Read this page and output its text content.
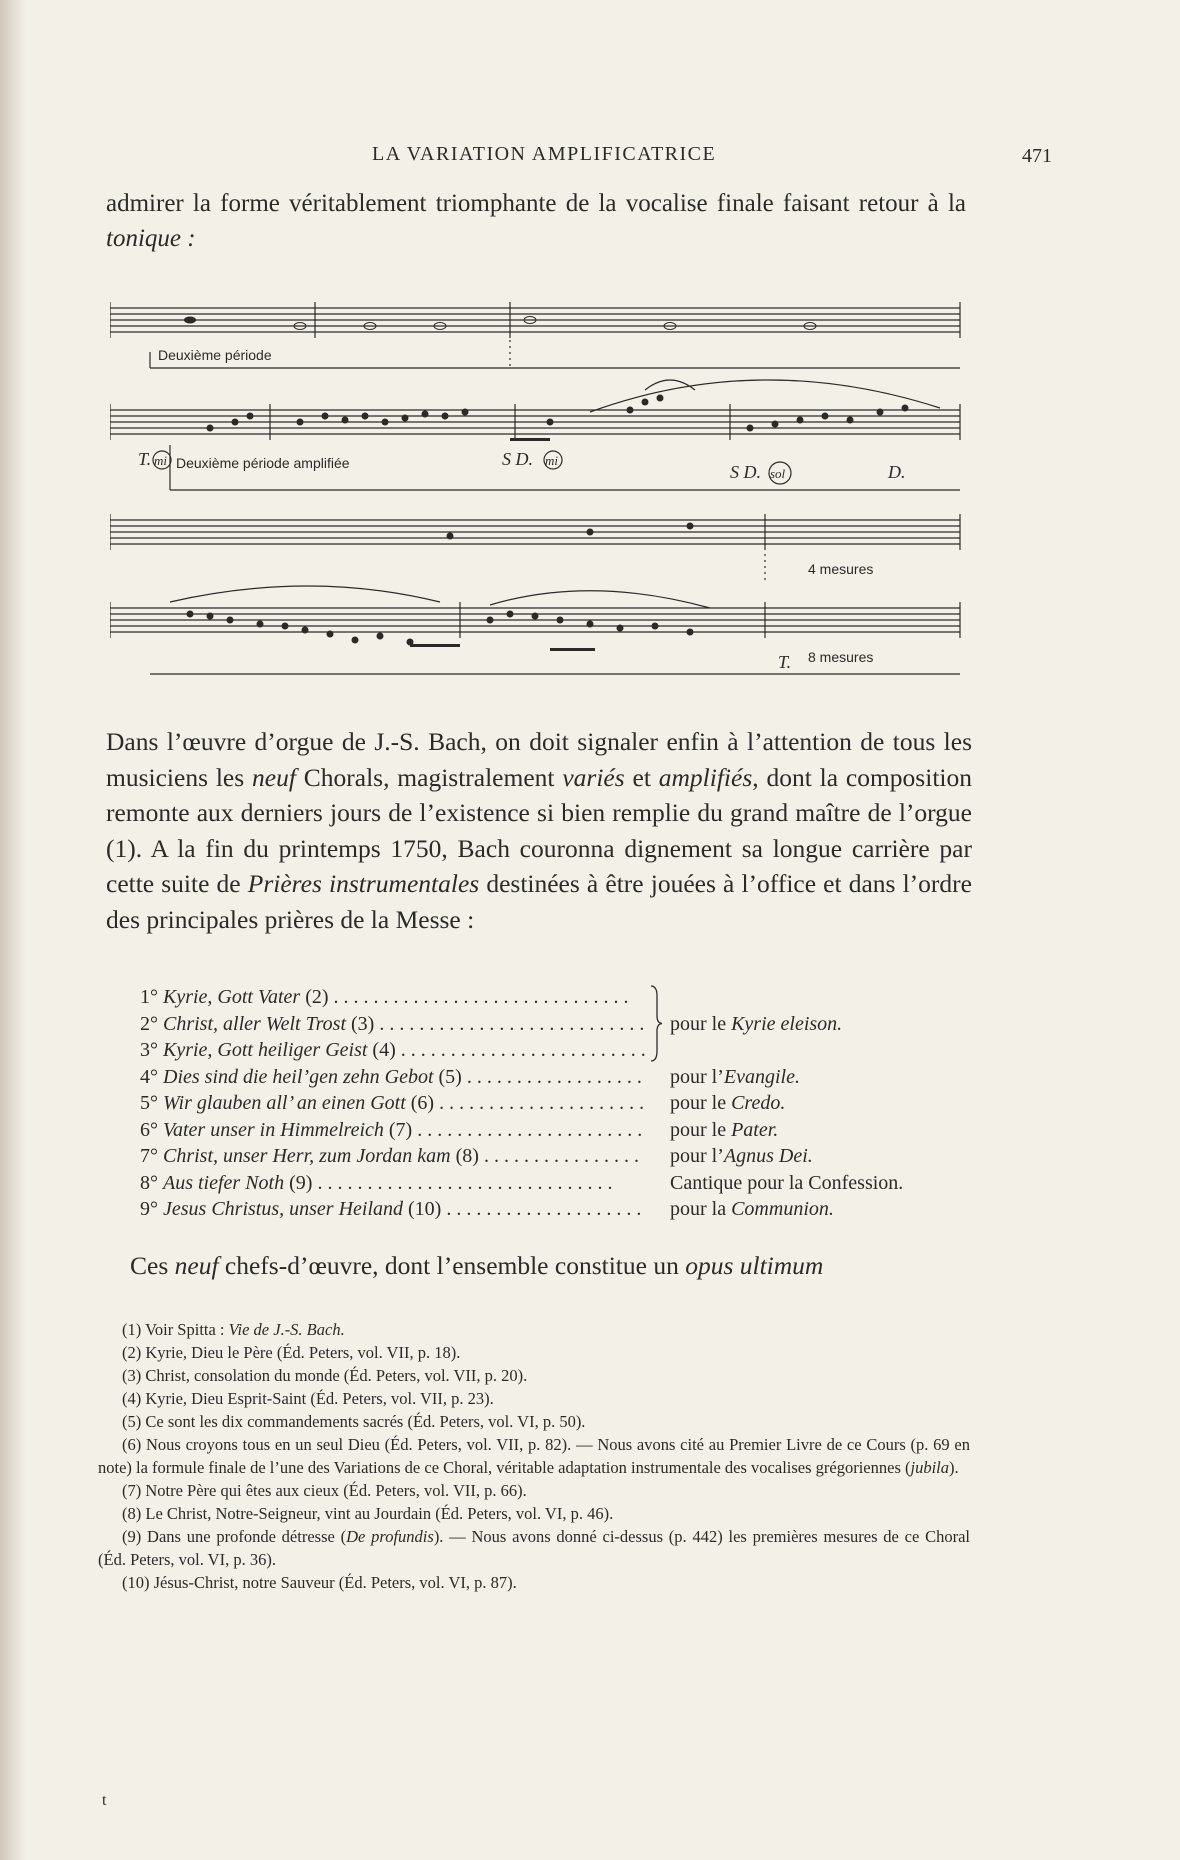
LA VARIATION AMPLIFICATRICE	471

admirer la forme véritablement triomphante de la vocalise finale faisant retour à la tonique :

Deuxième période
Deuxième période amplifiée
4 mesures
8 mesures
T. mi	S D. mi
S D. sol	D.
T.

Dans l’œuvre d’orgue de J.-S. Bach, on doit signaler enfin à l’attention de tous les musiciens les neuf Chorals, magistralement variés et amplifiés, dont la composition remonte aux derniers jours de l’existence si bien remplie du grand maître de l’orgue (1). A la fin du printemps 1750, Bach couronna dignement sa longue carrière par cette suite de Prières instrumentales destinées à être jouées à l’office et dans l’ordre des principales prières de la Messe :

1° Kyrie, Gott Vater (2) . . .
2° Christ, aller Welt Trost (3) . . .	pour le Kyrie eleison.
3° Kyrie, Gott heiliger Geist (4) . . .
4° Dies sind die heil’gen zehn Gebot (5) . . .	pour l’Evangile.
5° Wir glauben all’ an einen Gott (6) . . .	pour le Credo.
6° Vater unser in Himmelreich (7) . . .	pour le Pater.
7° Christ, unser Herr, zum Jordan kam (8) . . .	pour l’Agnus Dei.
8° Aus tiefer Noth (9) . . .	Cantique pour la Confession.
9° Jesus Christus, unser Heiland (10) . . .	pour la Communion.

Ces neuf chefs-d’œuvre, dont l’ensemble constitue un opus ultimum

(1) Voir Spitta : Vie de J.-S. Bach.
(2) Kyrie, Dieu le Père (Éd. Peters, vol. VII, p. 18).
(3) Christ, consolation du monde (Éd. Peters, vol. VII, p. 20).
(4) Kyrie, Dieu Esprit-Saint (Éd. Peters, vol. VII, p. 23).
(5) Ce sont les dix commandements sacrés (Éd. Peters, vol. VI, p. 50).
(6) Nous croyons tous en un seul Dieu (Éd. Peters, vol. VII, p. 82). — Nous avons cité au Premier Livre de ce Cours (p. 69 en note) la formule finale de l’une des Variations de ce Choral, véritable adaptation instrumentale des vocalises grégoriennes (jubila).
(7) Notre Père qui êtes aux cieux (Éd. Peters, vol. VII, p. 66).
(8) Le Christ, Notre-Seigneur, vint au Jourdain (Éd. Peters, vol. VI, p. 46).
(9) Dans une profonde détresse (De profundis). — Nous avons donné ci-dessus (p. 442) les premières mesures de ce Choral (Éd. Peters, vol. VI, p. 36).
(10) Jésus-Christ, notre Sauveur (Éd. Peters, vol. VI, p. 87).
t
